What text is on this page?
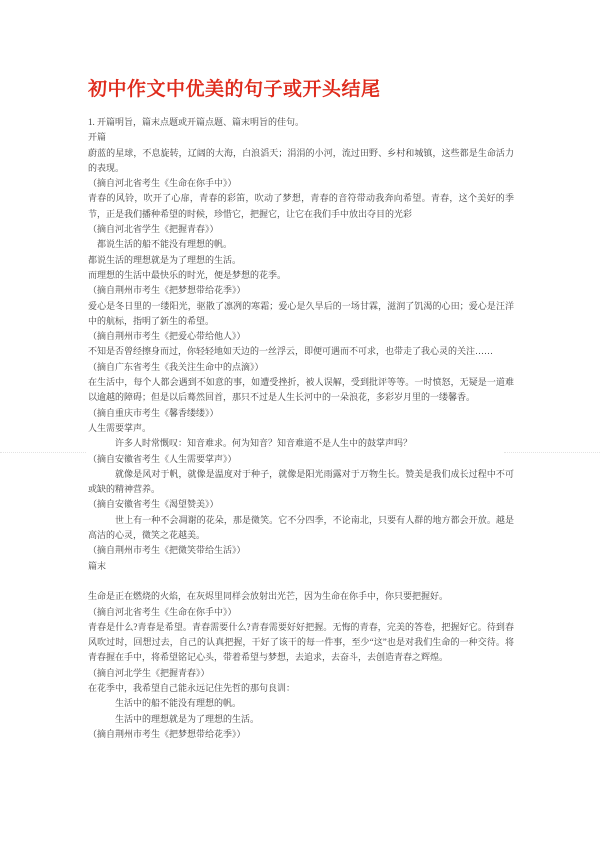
初中作文中优美的句子或开头结尾

1. 开篇明旨，篇末点题或开篇点题、篇末明旨的佳句。

开篇

蔚蓝的星球，不息旋转，辽阔的大海，白浪滔天；涓涓的小河，流过田野、乡村和城镇，这些都是生命活力的表现。

（摘自河北省考生《生命在你手中》）

青春的风铃，吹开了心扉，青春的彩笛，吹动了梦想，青春的音符带动我奔向希望。青春，这个美好的季节，正是我们播种希望的时候，珍惜它，把握它，让它在我们手中放出夺目的光彩

（摘自河北省学生《把握青春》）

都说生活的船不能没有理想的帆。

都说生活的理想就是为了理想的生活。

而理想的生活中最快乐的时光，便是梦想的花季。

（摘自荆州市考生《把梦想带给花季》）

爱心是冬日里的一缕阳光，驱散了凛冽的寒霜；爱心是久旱后的一场甘霖，滋润了饥渴的心田；爱心是汪洋中的航标，指明了新生的希望。

（摘自荆州市考生《把爱心带给他人》）

不知是否曾经擦身而过，你轻轻地如天边的一丝浮云，即便可遇而不可求，也带走了我心灵的关注……

（摘自广东省考生《我关注生命中的点滴》）

在生活中，每个人都会遇到不如意的事，如遭受挫折，被人误解，受到批评等等。一时愤怒，无疑是一道难以逾越的障碍；但是以后蓦然回首，那只不过是人生长河中的一朵浪花，多彩岁月里的一缕馨香。

（摘自重庆市考生《馨香缕缕》）

人生需要掌声。

许多人时常慨叹：知音难求。何为知音？知音难道不是人生中的鼓掌声吗？

（摘自安徽省考生《人生需要掌声》）

就像是风对于帆，就像是温度对于种子，就像是阳光雨露对于万物生长。赞美是我们成长过程中不可或缺的精神营养。

（摘自安徽省考生《渴望赞美》）

世上有一种不会凋谢的花朵，那是微笑。它不分四季，不论南北，只要有人群的地方都会开放。越是高洁的心灵，微笑之花越美。

（摘自荆州市考生《把微笑带给生活》）

篇末

生命是正在燃烧的火焰，在灰烬里同样会放射出光芒，因为生命在你手中，你只要把握好。

（摘自河北省考生《生命在你手中》）

青春是什么?青春是希望。青春需要什么?青春需要好好把握。无悔的青春，完美的答卷，把握好它。待到春风吹过时，回想过去，自己的认真把握，干好了该干的每一件事，至少“这”也是对我们生命的一种交待。将青春握在手中，将希望铭记心头，带着希望与梦想，去追求，去奋斗，去创造青春之辉煌。

（摘自河北学生《把握青春》）

在花季中，我希望自己能永远记住先哲的那句良训：

生活中的船不能没有理想的帆。

生活中的理想就是为了理想的生活。

（摘自荆州市考生《把梦想带给花季》）
